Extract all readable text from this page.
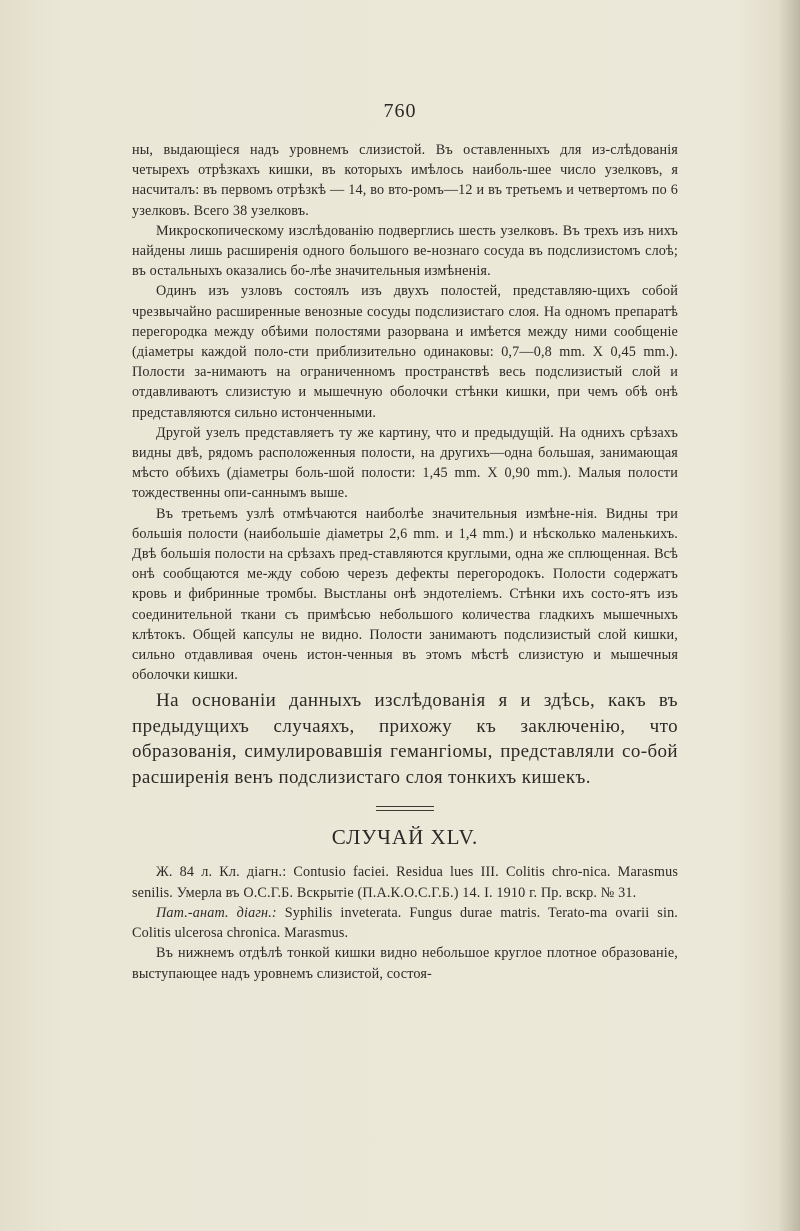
760

ны, выдающіеся надъ уровнемъ слизистой. Въ оставленныхъ для из-слѣдованія четырехъ отрѣзкахъ кишки, въ которыхъ имѣлось наиболь-шее число узелковъ, я насчиталъ: въ первомъ отрѣзкѣ — 14, во вто-ромъ—12 и въ третьемъ и четвертомъ по 6 узелковъ. Всего 38 узелковъ.

Микроскопическому изслѣдованію подверглись шесть узелковъ. Въ трехъ изъ нихъ найдены лишь расширенія одного большого ве-нознаго сосуда въ подслизистомъ слоѣ; въ остальныхъ оказались бо-лѣе значительныя измѣненія.

Одинъ изъ узловъ состоялъ изъ двухъ полостей, представляю-щихъ собой чрезвычайно расширенные венозные сосуды подслизистаго слоя. На одномъ препаратѣ перегородка между обѣими полостями разорвана и имѣется между ними сообщеніе (діаметры каждой поло-сти приблизительно одинаковы: 0,7—0,8 mm. X 0,45 mm.). Полости за-нимаютъ на ограниченномъ пространствѣ весь подслизистый слой и отдавливаютъ слизистую и мышечную оболочки стѣнки кишки, при чемъ обѣ онѣ представляются сильно истонченными.

Другой узелъ представляетъ ту же картину, что и предыдущій. На однихъ срѣзахъ видны двѣ, рядомъ расположенныя полости, на другихъ—одна большая, занимающая мѣсто обѣихъ (діаметры боль-шой полости: 1,45 mm. X 0,90 mm.). Малыя полости тождественны опи-саннымъ выше.

Въ третьемъ узлѣ отмѣчаются наиболѣе значительныя измѣне-нія. Видны три большія полости (наибольшіе діаметры 2,6 mm. и 1,4 mm.) и нѣсколько маленькихъ. Двѣ большія полости на срѣзахъ пред-ставляются круглыми, одна же сплющенная. Всѣ онѣ сообщаются ме-жду собою черезъ дефекты перегородокъ. Полости содержатъ кровь и фибринные тромбы. Выстланы онѣ эндотеліемъ. Стѣнки ихъ состо-ятъ изъ соединительной ткани съ примѣсью небольшого количества гладкихъ мышечныхъ клѣтокъ. Общей капсулы не видно. Полости занимаютъ подслизистый слой кишки, сильно отдавливая очень истон-ченныя въ этомъ мѣстѣ слизистую и мышечныя оболочки кишки.

На основаніи данныхъ изслѣдованія я и здѣсь, какъ въ предыдущихъ случаяхъ, прихожу къ заключенію, что образованія, симулировавшія гемангіомы, представляли со-бой расширенія венъ подслизистаго слоя тонкихъ кишекъ.

СЛУЧАЙ XLV.

Ж. 84 л. Кл. діагн.: Contusio faciei. Residua lues III. Colitis chro-nica. Marasmus senilis. Умерла въ О.С.Г.Б. Вскрытіе (П.А.К.О.С.Г.Б.) 14. I. 1910 г. Пр. вскр. № 31.

Пат.-анат. діагн.: Syphilis inveterata. Fungus durae matris. Terato-ma ovarii sin. Colitis ulcerosa chronica. Marasmus.

Въ нижнемъ отдѣлѣ тонкой кишки видно небольшое круглое плотное образованіе, выступающее надъ уровнемъ слизистой, состоя-
